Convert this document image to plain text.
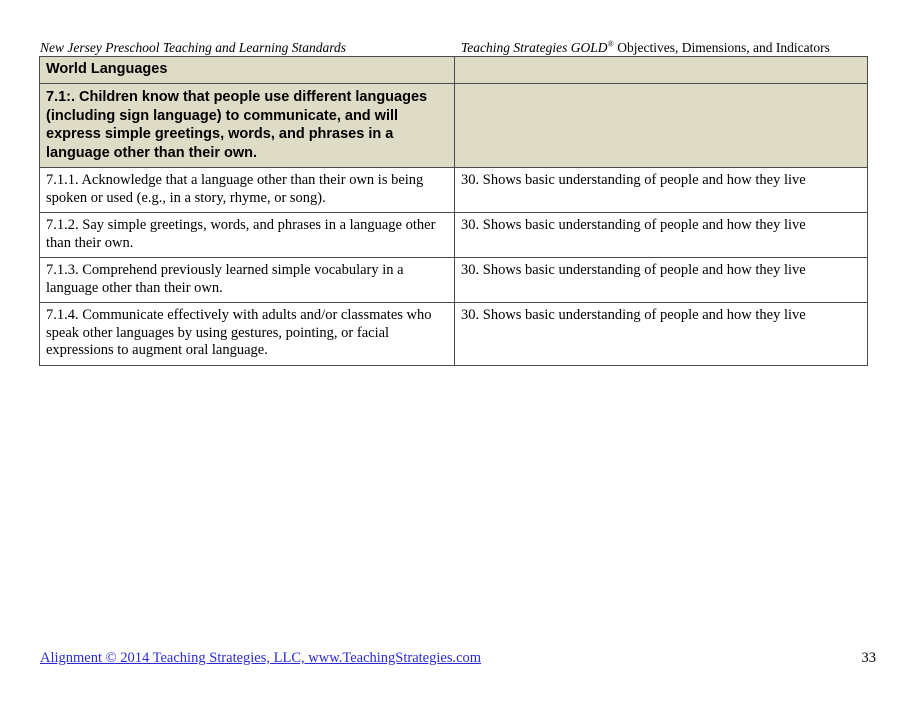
New Jersey Preschool Teaching and Learning Standards	Teaching Strategies GOLD® Objectives, Dimensions, and Indicators
World Languages	
7.1:. Children know that people use different languages (including sign language) to communicate, and will express simple greetings, words, and phrases in a language other than their own.	
7.1.1. Acknowledge that a language other than their own is being spoken or used (e.g., in a story, rhyme, or song).	30. Shows basic understanding of people and how they live
7.1.2. Say simple greetings, words, and phrases in a language other than their own.	30. Shows basic understanding of people and how they live
7.1.3. Comprehend previously learned simple vocabulary in a language other than their own.	30. Shows basic understanding of people and how they live
7.1.4. Communicate effectively with adults and/or classmates who speak other languages by using gestures, pointing, or facial expressions to augment oral language.	30. Shows basic understanding of people and how they live
Alignment © 2014 Teaching Strategies, LLC, www.TeachingStrategies.com	33
